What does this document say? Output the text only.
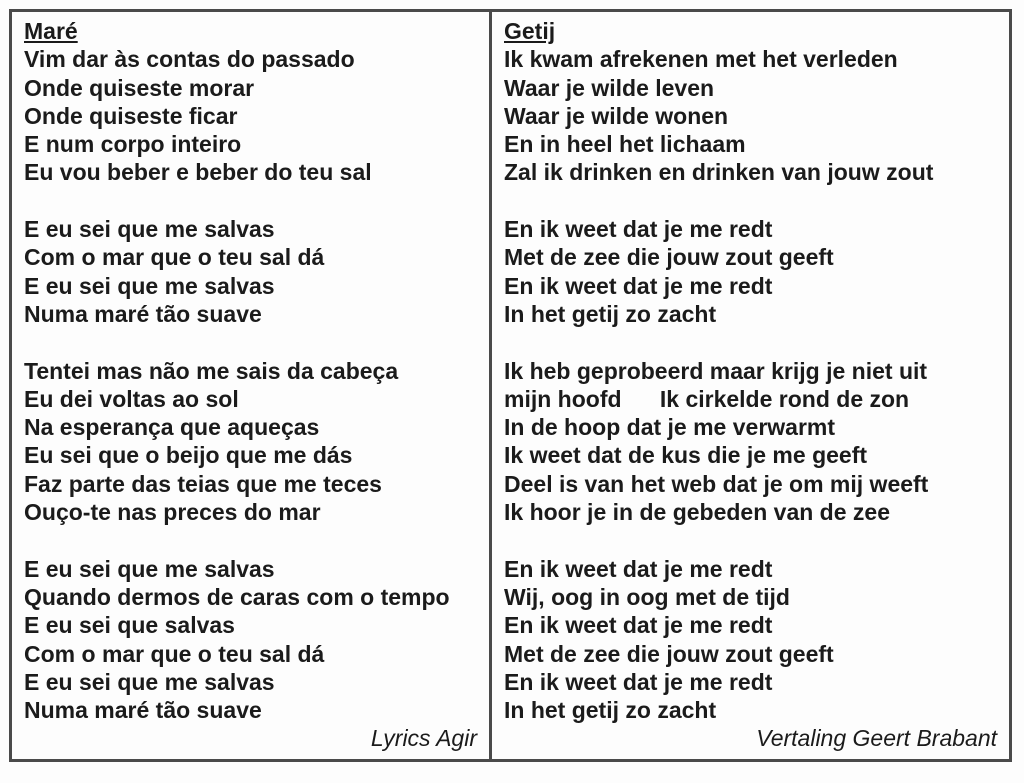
Maré
Vim dar às contas do passado
Onde quiseste morar
Onde quiseste ficar
E num corpo inteiro
Eu vou beber e beber do teu sal

E eu sei que me salvas
Com o mar que o teu sal dá
E eu sei que me salvas
Numa maré tão suave

Tentei mas não me sais da cabeça
Eu dei voltas ao sol
Na esperança que aqueças
Eu sei que o beijo que me dás
Faz parte das teias que me teces
Ouço-te nas preces do mar

E eu sei que me salvas
Quando dermos de caras com o tempo
E eu sei que salvas
Com o mar que o teu sal dá
E eu sei que me salvas
Numa maré tão suave
Lyrics Agir
Getij
Ik kwam afrekenen met het verleden
Waar je wilde leven
Waar je wilde wonen
En in heel het lichaam
Zal ik drinken en drinken van jouw zout

En ik weet dat je me redt
Met de zee die jouw zout geeft
En ik weet dat je me redt
In het getij zo zacht

Ik heb geprobeerd maar krijg je niet uit
mijn hoofd      Ik cirkelde rond de zon
In de hoop dat je me verwarmt
Ik weet dat de kus die je me geeft
Deel is van het web dat je om mij weeft
Ik hoor je in de gebeden van de zee

En ik weet dat je me redt
Wij, oog in oog met de tijd
En ik weet dat je me redt
Met de zee die jouw zout geeft
En ik weet dat je me redt
In het getij zo zacht
Vertaling Geert Brabant
